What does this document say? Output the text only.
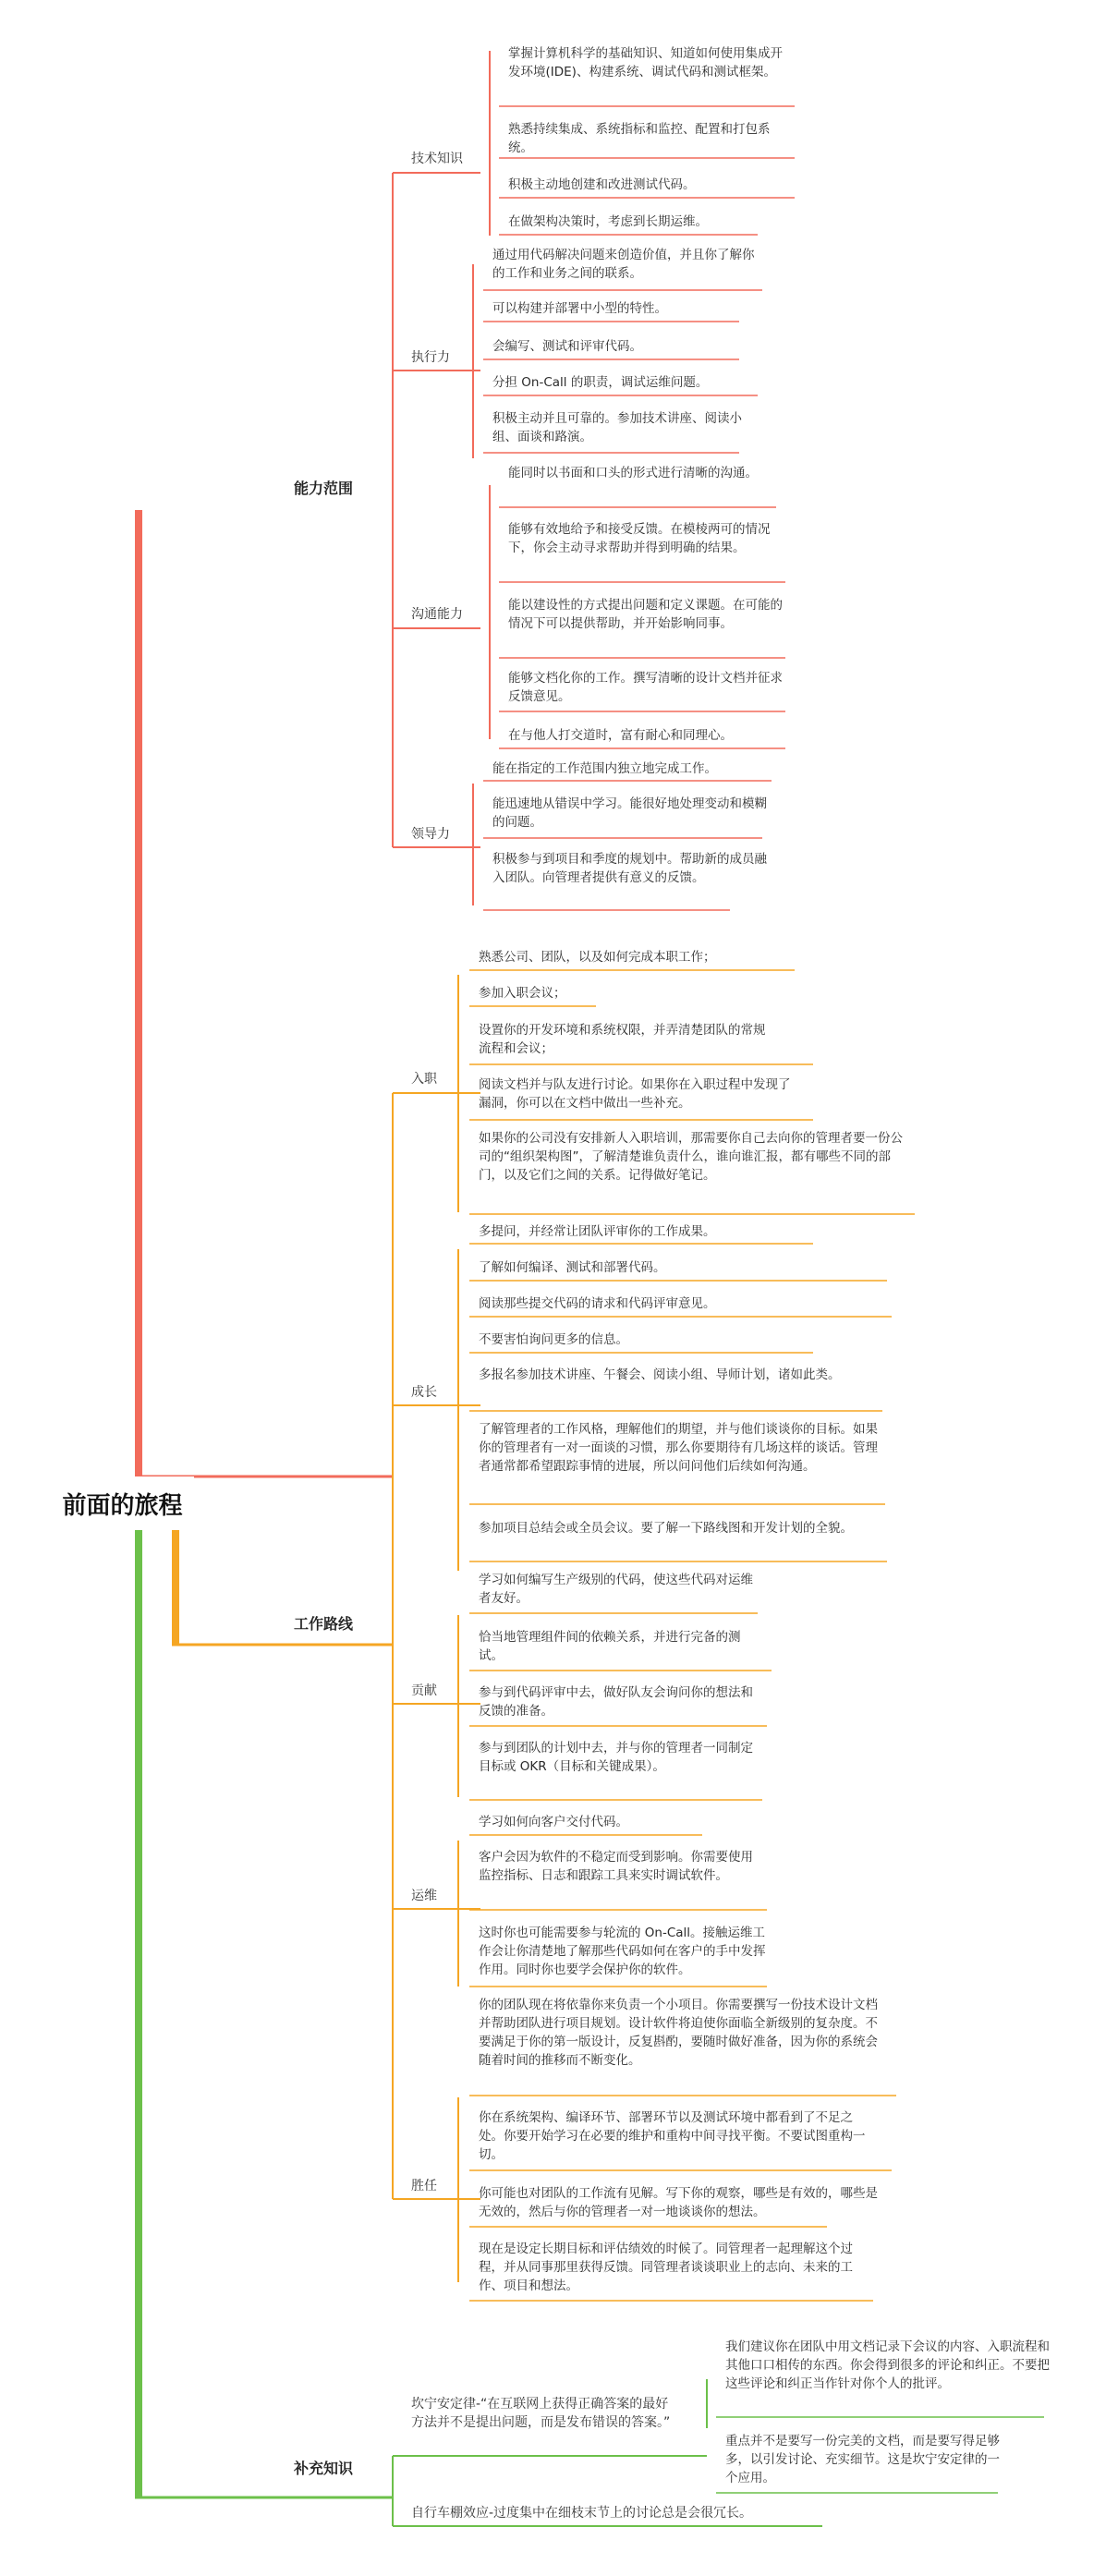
前面的旅程
能力范围
技术知识
掌握计算机科学的基础知识、知道如何使用集成开发环境(IDE)、构建系统、调试代码和测试框架。
熟悉持续集成、系统指标和监控、配置和打包系统。
积极主动地创建和改进测试代码。
在做架构决策时，考虑到长期运维。
执行力
通过用代码解决问题来创造价值，并且你了解你的工作和业务之间的联系。
可以构建并部署中小型的特性。
会编写、测试和评审代码。
分担 On-Call 的职责，调试运维问题。
积极主动并且可靠的。参加技术讲座、阅读小组、面谈和路演。
沟通能力
能同时以书面和口头的形式进行清晰的沟通。
能够有效地给予和接受反馈。在模棱两可的情况下，你会主动寻求帮助并得到明确的结果。
能以建设性的方式提出问题和定义课题。在可能的情况下可以提供帮助，并开始影响同事。
能够文档化你的工作。撰写清晰的设计文档并征求反馈意见。
在与他人打交道时，富有耐心和同理心。
领导力
能在指定的工作范围内独立地完成工作。
能迅速地从错误中学习。能很好地处理变动和模糊的问题。
积极参与到项目和季度的规划中。帮助新的成员融入团队。向管理者提供有意义的反馈。
工作路线
入职
熟悉公司、团队，以及如何完成本职工作；
参加入职会议；
设置你的开发环境和系统权限，并弄清楚团队的常规流程和会议；
阅读文档并与队友进行讨论。如果你在入职过程中发现了漏洞，你可以在文档中做出一些补充。
如果你的公司没有安排新人入职培训，那需要你自己去向你的管理者要一份公司的“组织架构图”，了解清楚谁负责什么，谁向谁汇报，都有哪些不同的部门，以及它们之间的关系。记得做好笔记。
成长
多提问，并经常让团队评审你的工作成果。
了解如何编译、测试和部署代码。
阅读那些提交代码的请求和代码评审意见。
不要害怕询问更多的信息。
多报名参加技术讲座、午餐会、阅读小组、导师计划，诸如此类。
了解管理者的工作风格，理解他们的期望，并与他们谈谈你的目标。如果你的管理者有一对一面谈的习惯，那么你要期待有几场这样的谈话。管理者通常都希望跟踪事情的进展，所以问问他们后续如何沟通。
参加项目总结会或全员会议。要了解一下路线图和开发计划的全貌。
贡献
学习如何编写生产级别的代码，使这些代码对运维者友好。
恰当地管理组件间的依赖关系，并进行完备的测试。
参与到代码评审中去，做好队友会询问你的想法和反馈的准备。
参与到团队的计划中去，并与你的管理者一同制定目标或 OKR（目标和关键成果）。
运维
学习如何向客户交付代码。
客户会因为软件的不稳定而受到影响。你需要使用监控指标、日志和跟踪工具来实时调试软件。
这时你也可能需要参与轮流的 On-Call。接触运维工作会让你清楚地了解那些代码如何在客户的手中发挥作用。同时你也要学会保护你的软件。
胜任
你的团队现在将依靠你来负责一个小项目。你需要撰写一份技术设计文档并帮助团队进行项目规划。设计软件将迫使你面临全新级别的复杂度。不要满足于你的第一版设计，反复斟酌，要随时做好准备，因为你的系统会随着时间的推移而不断变化。
你在系统架构、编译环节、部署环节以及测试环境中都看到了不足之处。你要开始学习在必要的维护和重构中间寻找平衡。不要试图重构一切。
你可能也对团队的工作流有见解。写下你的观察，哪些是有效的，哪些是无效的，然后与你的管理者一对一地谈谈你的想法。
现在是设定长期目标和评估绩效的时候了。同管理者一起理解这个过程，并从同事那里获得反馈。同管理者谈谈职业上的志向、未来的工作、项目和想法。
补充知识
坎宁安定律-“在互联网上获得正确答案的最好方法并不是提出问题，而是发布错误的答案。”
我们建议你在团队中用文档记录下会议的内容、入职流程和其他口口相传的东西。你会得到很多的评论和纠正。不要把这些评论和纠正当作针对你个人的批评。
重点并不是要写一份完美的文档，而是要写得足够多，以引发讨论、充实细节。这是坎宁安定律的一个应用。
自行车棚效应-过度集中在细枝末节上的讨论总是会很冗长。
